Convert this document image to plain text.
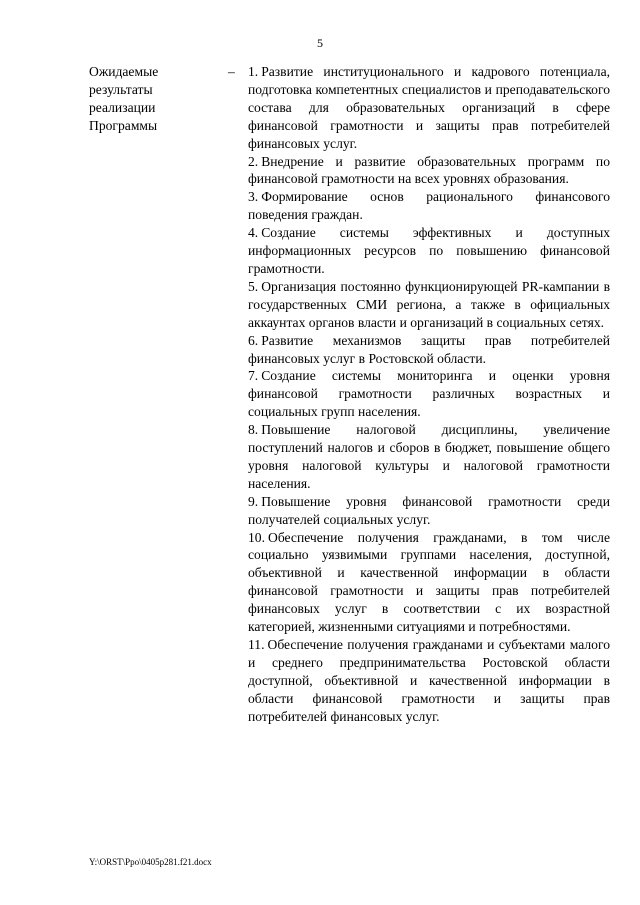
5
Ожидаемые
результаты
реализации
Программы
– 1. Развитие институционального и кадрового потенциала, подготовка компетентных специалистов и преподавательского состава для образовательных организаций в сфере финансовой грамотности и защиты прав потребителей финансовых услуг.

2. Внедрение и развитие образовательных программ по финансовой грамотности на всех уровнях образования.

3. Формирование основ рационального финансового поведения граждан.

4. Создание системы эффективных и доступных информационных ресурсов по повышению финансовой грамотности.

5. Организация постоянно функционирующей PR-кампании в государственных СМИ региона, а также в официальных аккаунтах органов власти и организаций в социальных сетях.

6. Развитие механизмов защиты прав потребителей финансовых услуг в Ростовской области.

7. Создание системы мониторинга и оценки уровня финансовой грамотности различных возрастных и социальных групп населения.

8. Повышение налоговой дисциплины, увеличение поступлений налогов и сборов в бюджет, повышение общего уровня налоговой культуры и налоговой грамотности населения.

9. Повышение уровня финансовой грамотности среди получателей социальных услуг.

10. Обеспечение получения гражданами, в том числе социально уязвимыми группами населения, доступной, объективной и качественной информации в области финансовой грамотности и защиты прав потребителей финансовых услуг в соответствии с их возрастной категорией, жизненными ситуациями и потребностями.

11. Обеспечение получения гражданами и субъектами малого и среднего предпринимательства Ростовской области доступной, объективной и качественной информации в области финансовой грамотности и защиты прав потребителей финансовых услуг.

Y:\ORST\Ppo\0405p281.f21.docx
